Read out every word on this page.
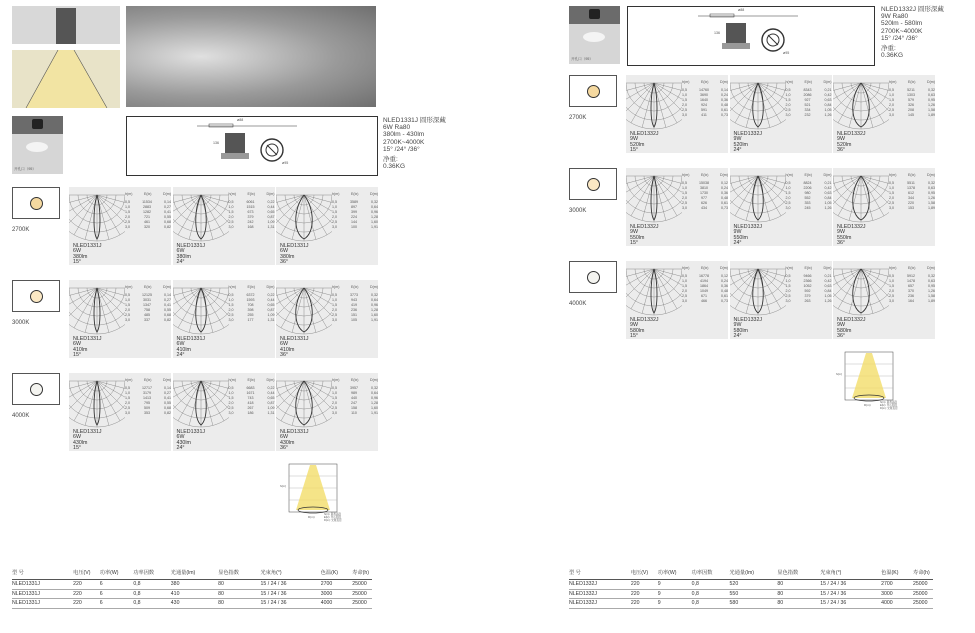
开孔口（95）
ø88
136
ø95
NLED1331J 圆形深藏
6W Ra80
380lm - 430lm
2700K~4000K
15° /24° /36°
净重:
0.36KG
2700K
h(m)	E(lx)	D(m)
0,5	11534	0,14
1,0	2883	0,27
1,5	1282	0,41
2,0	721	0,55
2,5	461	0,68
3,0	320	0,82
NLED1331J
6W
380lm
15°
h(m)	E(lx)	D(m)
0,5	6061	0,22
1,0	1515	0,44
1,5	673	0,65
2,0	379	0,87
2,5	242	1,09
3,0	168	1,31
NLED1331J
6W
380lm
24°
h(m)	E(lx)	D(m)
0,5	3589	0,32
1,0	897	0,64
1,5	399	0,96
2,0	224	1,28
2,5	144	1,60
3,0	100	1,91
NLED1331J
6W
380lm
36°
3000K
h(m)	E(lx)	D(m)
0,5	12125	0,14
1,0	3031	0,27
1,5	1347	0,41
2,0	758	0,55
2,5	485	0,68
3,0	337	0,82
NLED1331J
6W
410lm
15°
h(m)	E(lx)	D(m)
0,5	6372	0,22
1,0	1593	0,44
1,5	708	0,65
2,0	398	0,87
2,5	255	1,09
3,0	177	1,31
NLED1331J
6W
410lm
24°
h(m)	E(lx)	D(m)
0,5	3773	0,32
1,0	943	0,64
1,5	419	0,96
2,0	236	1,28
2,5	151	1,60
3,0	105	1,91
NLED1331J
6W
410lm
36°
4000K
h(m)	E(lx)	D(m)
0,5	12717	0,14
1,0	3179	0,27
1,5	1413	0,41
2,0	795	0,55
2,5	509	0,68
3,0	353	0,82
NLED1331J
6W
430lm
15°
h(m)	E(lx)	D(m)
0,5	6683	0,22
1,0	1671	0,44
1,5	743	0,65
2,0	418	0,87
2,5	267	1,09
3,0	186	1,31
NLED1331J
6W
430lm
24°
h(m)	E(lx)	D(m)
0,5	3957	0,32
1,0	989	0,64
1,5	440	0,96
2,0	247	1,28
2,5	158	1,60
3,0	110	1,91
NLED1331J
6W
430lm
36°
h(m)
D(m)
h(m): 距离高度
E(lx): 中心照度
D(m): 光斑直径
型 号	电压(V)	功率(W)	功率因数	光通量(lm)	显色指数	光束角(°)	色温(K)	寿命(h)
NLED1331J	220	6	0,8	380	80	15 / 24 / 36	2700	25000
NLED1331J	220	6	0,8	410	80	15 / 24 / 36	3000	25000
NLED1331J	220	6	0,8	430	80	15 / 24 / 36	4000	25000
开孔口（95）
ø88
136
ø95
NLED1332J 圆形深藏
9W Ra80
520lm - 580lm
2700K~4000K
15° /24° /36°
净重:
0.36KG
2700K
h(m)	E(lx)	D(m)
0,5	14760	0,14
1,0	3690	0,24
1,5	1640	0,36
2,0	924	0,48
2,5	591	0,61
3,0	411	0,73
NLED1332J
9W
520lm
15°
h(m)	E(lx)	D(m)
0,5	8343	0,21
1,0	2086	0,42
1,5	927	0,63
2,0	521	0,84
2,5	334	1,05
3,0	232	1,26
NLED1332J
9W
520lm
24°
h(m)	E(lx)	D(m)
0,5	5211	0,32
1,0	1303	0,63
1,5	579	0,95
2,0	326	1,26
2,5	208	1,58
3,0	145	1,89
NLED1332J
9W
520lm
36°
3000K
h(m)	E(lx)	D(m)
0,5	15038	0,12
1,0	3810	0,24
1,5	1730	0,36
2,0	977	0,48
2,5	626	0,61
3,0	434	0,73
NLED1332J
9W
550lm
15°
h(m)	E(lx)	D(m)
0,5	8824	0,21
1,0	2206	0,42
1,5	980	0,63
2,0	552	0,84
2,5	353	1,05
3,0	245	1,26
NLED1332J
9W
550lm
24°
h(m)	E(lx)	D(m)
0,5	5511	0,32
1,0	1378	0,63
1,5	612	0,95
2,0	344	1,26
2,5	220	1,58
3,0	153	1,89
NLED1332J
9W
550lm
36°
4000K
h(m)	E(lx)	D(m)
0,5	16778	0,12
1,0	4194	0,24
1,5	1864	0,36
2,0	1049	0,48
2,5	671	0,61
3,0	466	0,73
NLED1332J
9W
580lm
15°
h(m)	E(lx)	D(m)
0,5	9466	0,21
1,0	2366	0,42
1,5	1052	0,63
2,0	592	0,84
2,5	379	1,05
3,0	263	1,26
NLED1332J
9W
580lm
24°
h(m)	E(lx)	D(m)
0,5	5912	0,32
1,0	1478	0,63
1,5	657	0,95
2,0	370	1,26
2,5	236	1,58
3,0	164	1,89
NLED1332J
9W
580lm
36°
h(m)
D(m)
h(m): 距离高度
E(lx): 中心照度
D(m): 光斑直径
型 号	电压(V)	功率(W)	功率因数	光通量(lm)	显色指数	光束角(°)	色温(K)	寿命(h)
NLED1332J	220	9	0,8	520	80	15 / 24 / 36	2700	25000
NLED1332J	220	9	0,8	550	80	15 / 24 / 36	3000	25000
NLED1332J	220	9	0,8	580	80	15 / 24 / 36	4000	25000
